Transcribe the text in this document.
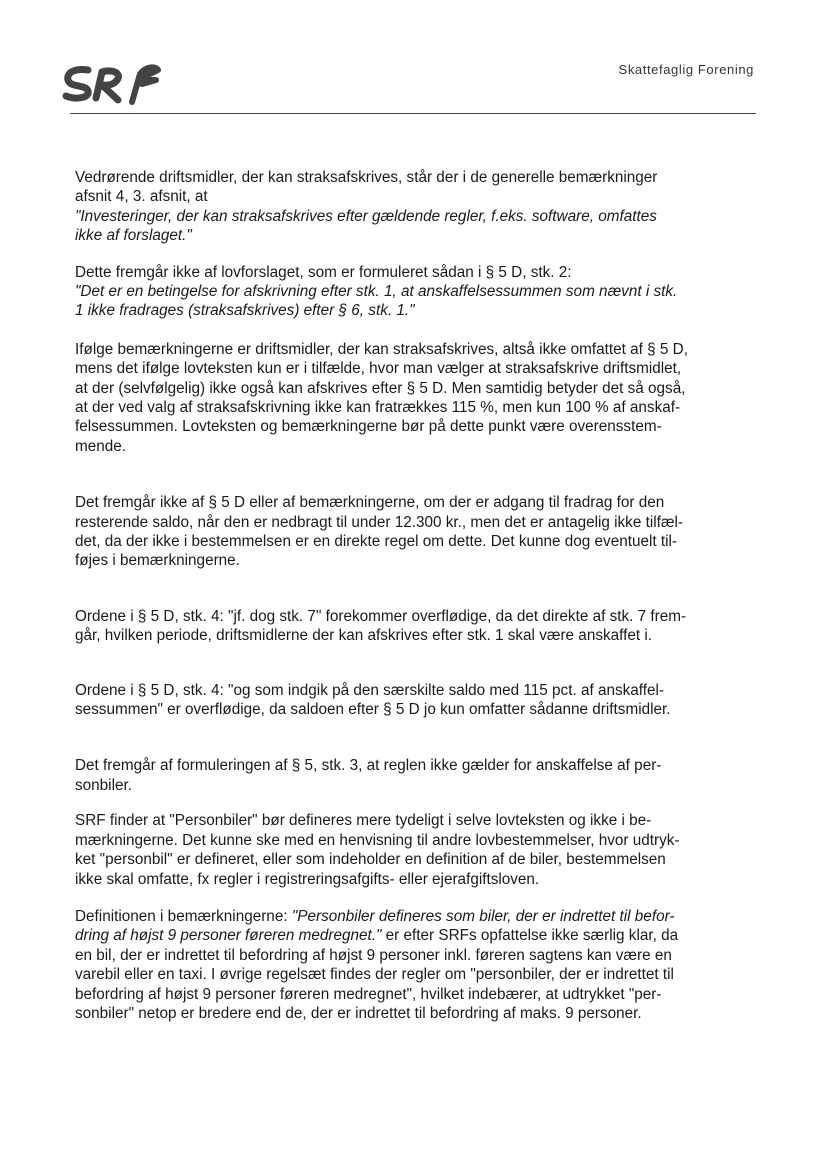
Skattefaglig Forening

Vedrørende driftsmidler, der kan straksafskrives, står der i de generelle bemærkninger
afsnit 4, 3. afsnit, at
"Investeringer, der kan straksafskrives efter gældende regler, f.eks. software, omfattes
ikke af forslaget."

Dette fremgår ikke af lovforslaget, som er formuleret sådan i § 5 D, stk. 2:
"Det er en betingelse for afskrivning efter stk. 1, at anskaffelsessummen som nævnt i stk.
1 ikke fradrages (straksafskrives) efter § 6, stk. 1."

Ifølge bemærkningerne er driftsmidler, der kan straksafskrives, altså ikke omfattet af § 5 D,
mens det ifølge lovteksten kun er i tilfælde, hvor man vælger at straksafskrive driftsmidlet,
at der (selvfølgelig) ikke også kan afskrives efter § 5 D. Men samtidig betyder det så også,
at der ved valg af straksafskrivning ikke kan fratrækkes 115 %, men kun 100 % af anskaf-
felsessummen. Lovteksten og bemærkningerne bør på dette punkt være overensstem-
mende.

Det fremgår ikke af § 5 D eller af bemærkningerne, om der er adgang til fradrag for den
resterende saldo, når den er nedbragt til under 12.300 kr., men det er antagelig ikke tilfæl-
det, da der ikke i bestemmelsen er en direkte regel om dette. Det kunne dog eventuelt til-
føjes i bemærkningerne.

Ordene i § 5 D, stk. 4: "jf. dog stk. 7" forekommer overflødige, da det direkte af stk. 7 frem-
går, hvilken periode, driftsmidlerne der kan afskrives efter stk. 1 skal være anskaffet i.

Ordene i § 5 D, stk. 4: "og som indgik på den særskilte saldo med 115 pct. af anskaffel-
sessummen" er overflødige, da saldoen efter § 5 D jo kun omfatter sådanne driftsmidler.

Det fremgår af formuleringen af § 5, stk. 3, at reglen ikke gælder for anskaffelse af per-
sonbiler.

SRF finder at "Personbiler" bør defineres mere tydeligt i selve lovteksten og ikke i be-
mærkningerne. Det kunne ske med en henvisning til andre lovbestemmelser, hvor udtryk-
ket "personbil" er defineret, eller som indeholder en definition af de biler, bestemmelsen
ikke skal omfatte, fx regler i registreringsafgifts- eller ejerafgiftsloven.

Definitionen i bemærkningerne: "Personbiler defineres som biler, der er indrettet til befor-
dring af højst 9 personer føreren medregnet." er efter SRFs opfattelse ikke særlig klar, da
en bil, der er indrettet til befordring af højst 9 personer inkl. føreren sagtens kan være en
varebil eller en taxi. I øvrige regelsæt findes der regler om "personbiler, der er indrettet til
befordring af højst 9 personer føreren medregnet", hvilket indebærer, at udtrykket "per-
sonbiler" netop er bredere end de, der er indrettet til befordring af maks. 9 personer.
